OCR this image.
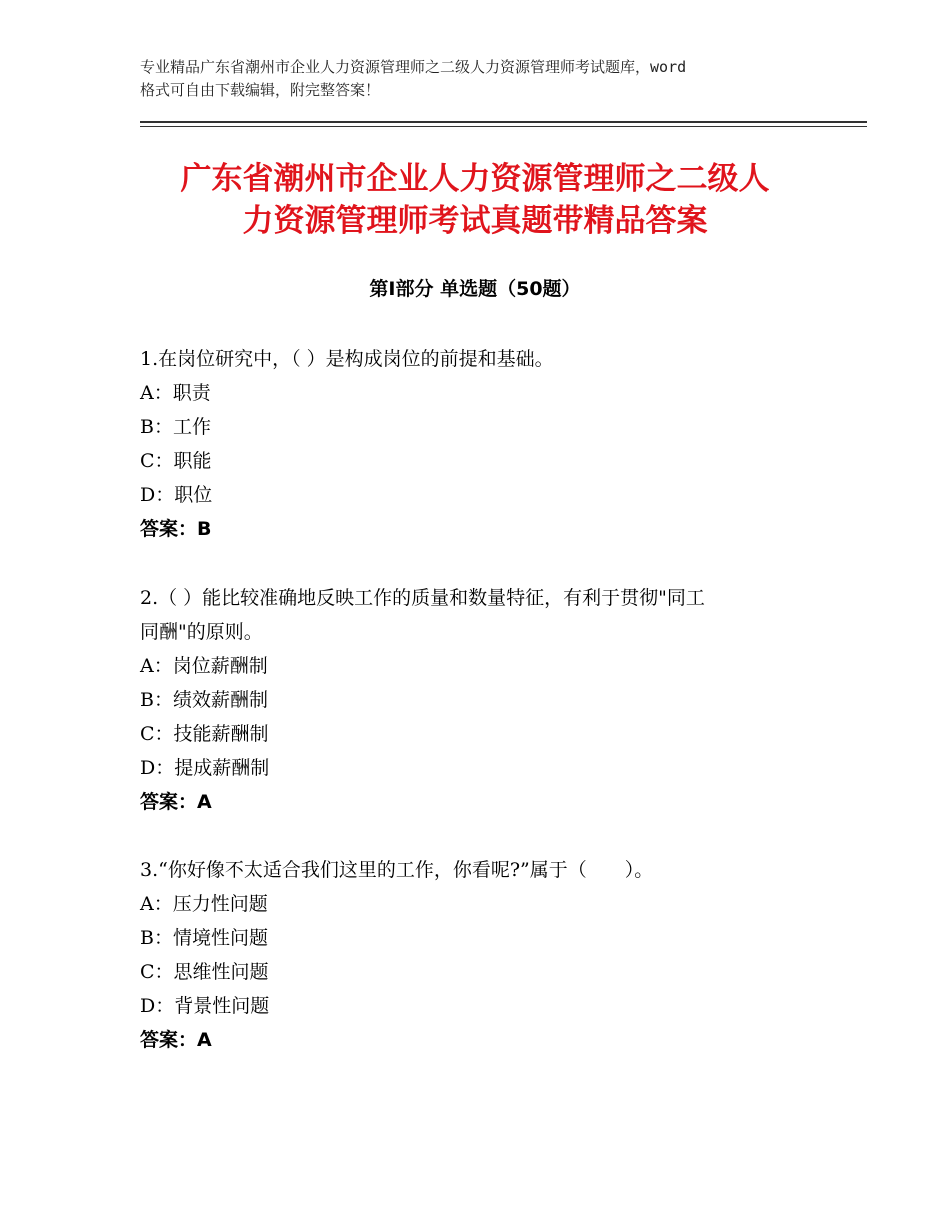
专业精品广东省潮州市企业人力资源管理师之二级人力资源管理师考试题库，word
格式可自由下载编辑，附完整答案！
广东省潮州市企业人力资源管理师之二级人
力资源管理师考试真题带精品答案
第Ⅰ部分 单选题（50题）
1.在岗位研究中，（ ）是构成岗位的前提和基础。
A：职责
B：工作
C：职能
D：职位
答案：B
2.（ ）能比较准确地反映工作的质量和数量特征，有利于贯彻"同工
同酬"的原则。
A：岗位薪酬制
B：绩效薪酬制
C：技能薪酬制
D：提成薪酬制
答案：A
3.“你好像不太适合我们这里的工作，你看呢?”属于（　　）。
A：压力性问题
B：情境性问题
C：思维性问题
D：背景性问题
答案：A
